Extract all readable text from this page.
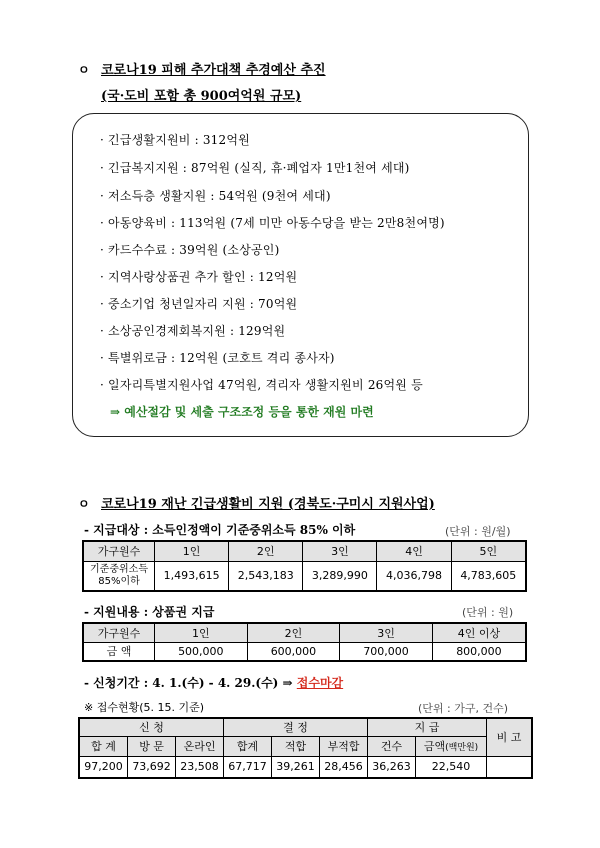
ㅇ 코로나19 피해 추가대책 추경예산 추진
(국·도비 포함 총 900여억원 규모)
· 긴급생활지원비 : 312억원
· 긴급복지지원 : 87억원 (실직, 휴·폐업자 1만1천여 세대)
· 저소득층 생활지원 : 54억원 (9천여 세대)
· 아동양육비 : 113억원 (7세 미만 아동수당을 받는 2만8천여명)
· 카드수수료 : 39억원 (소상공인)
· 지역사랑상품권 추가 할인 : 12억원
· 중소기업 청년일자리 지원 : 70억원
· 소상공인경제회복지원 : 129억원
· 특별위로금 : 12억원 (코호트 격리 종사자)
· 일자리특별지원사업 47억원, 격리자 생활지원비 26억원 등
⇒ 예산절감 및 세출 구조조정 등을 통한 재원 마련
ㅇ 코로나19 재난 긴급생활비 지원 (경북도·구미시 지원사업)
- 지급대상 : 소득인정액이 기준중위소득 85% 이하	(단위 : 원/월)
가구원수	1인	2인	3인	4인	5인

기준중위소득
85%이하	1,493,615	2,543,183	3,289,990	4,036,798	4,783,605
- 지원내용 : 상품권 지급	(단위 : 원)
가구원수	1인	2인	3인	4인 이상
금 액	500,000	600,000	700,000	800,000
- 신청기간 : 4. 1.(수) - 4. 29.(수) ⇒ 접수마감
※ 접수현황(5. 15. 기준)	(단위 : 가구, 건수)
신 청			결 정			지 급		비 고
합 계	방 문	온라인	합계	적합	부적합	건수	금액(백만원)	
97,200	73,692	23,508	67,717	39,261	28,456	36,263	22,540	
